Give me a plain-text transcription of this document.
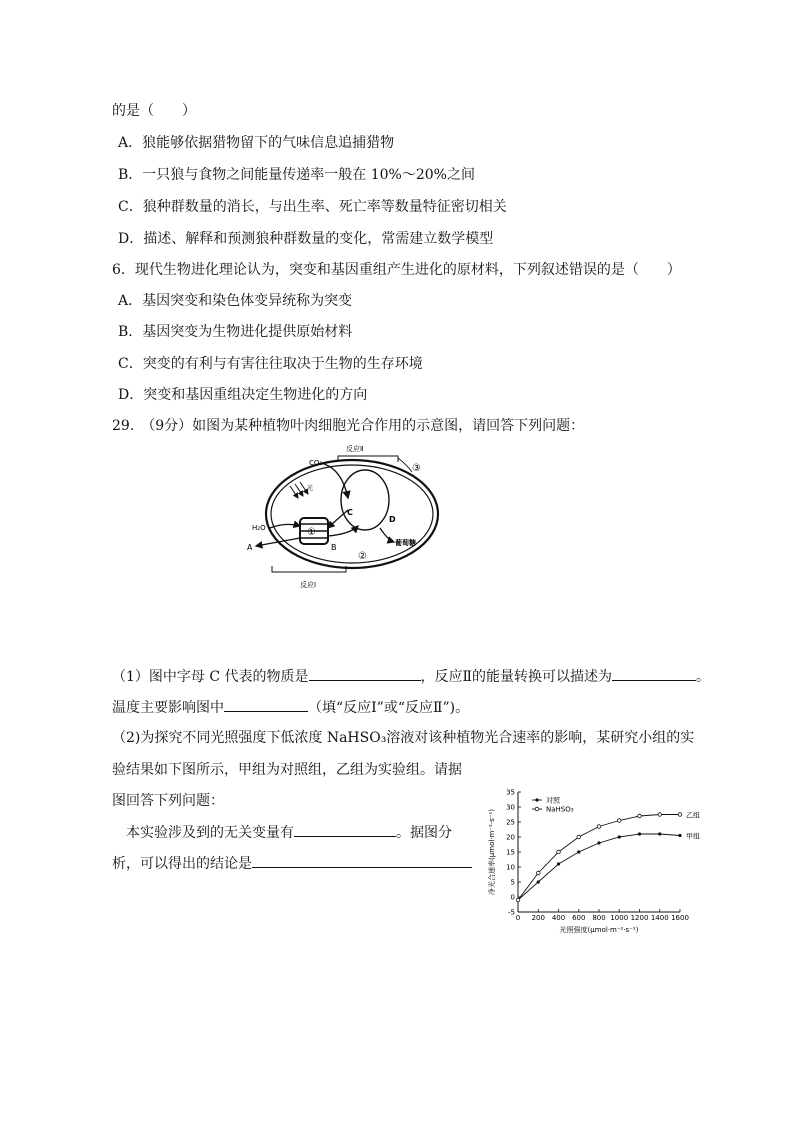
的是（　　）
A．狼能够依据猎物留下的气味信息追捕猎物
B．一只狼与食物之间能量传递率一般在 10%～20%之间
C．狼种群数量的消长，与出生率、死亡率等数量特征密切相关
D．描述、解释和预测狼种群数量的变化，常需建立数学模型
6．现代生物进化理论认为，突变和基因重组产生进化的原材料，下列叙述错误的是（　　）
A．基因突变和染色体变异统称为突变
B．基因突变为生物进化提供原始材料
C．突变的有利与有害往往取决于生物的生存环境
D．突变和基因重组决定生物进化的方向
29.　（9分）如图为某种植物叶肉细胞光合作用的示意图，请回答下列问题：
反应Ⅱ
③
CO₂
C
D
光
①
H₂O
A	B
②
葡萄糖
反应Ⅰ
（1）图中字母 C 代表的物质是	，反应Ⅱ的能量转换可以描述为	。
温度主要影响图中	（填“反应Ⅰ”或“反应Ⅱ”)。
（2)为探究不同光照强度下低浓度 NaHSO₃溶液对该种植物光合速率的影响，某研究小组的实
验结果如下图所示，甲组为对照组，乙组为实验组。请据
图回答下列问题：
本实验涉及到的无关变量有	。据图分
析，可以得出的结论是
-5
0
5
10
15
20
25
30
35
0 200 400 600 800 1000 1200 1400 1600
光照强度(μmol·m⁻²·s⁻¹)
净光合速率(μmol·m⁻²·s⁻¹)	甲组
对照
乙组
NaHSO₃
